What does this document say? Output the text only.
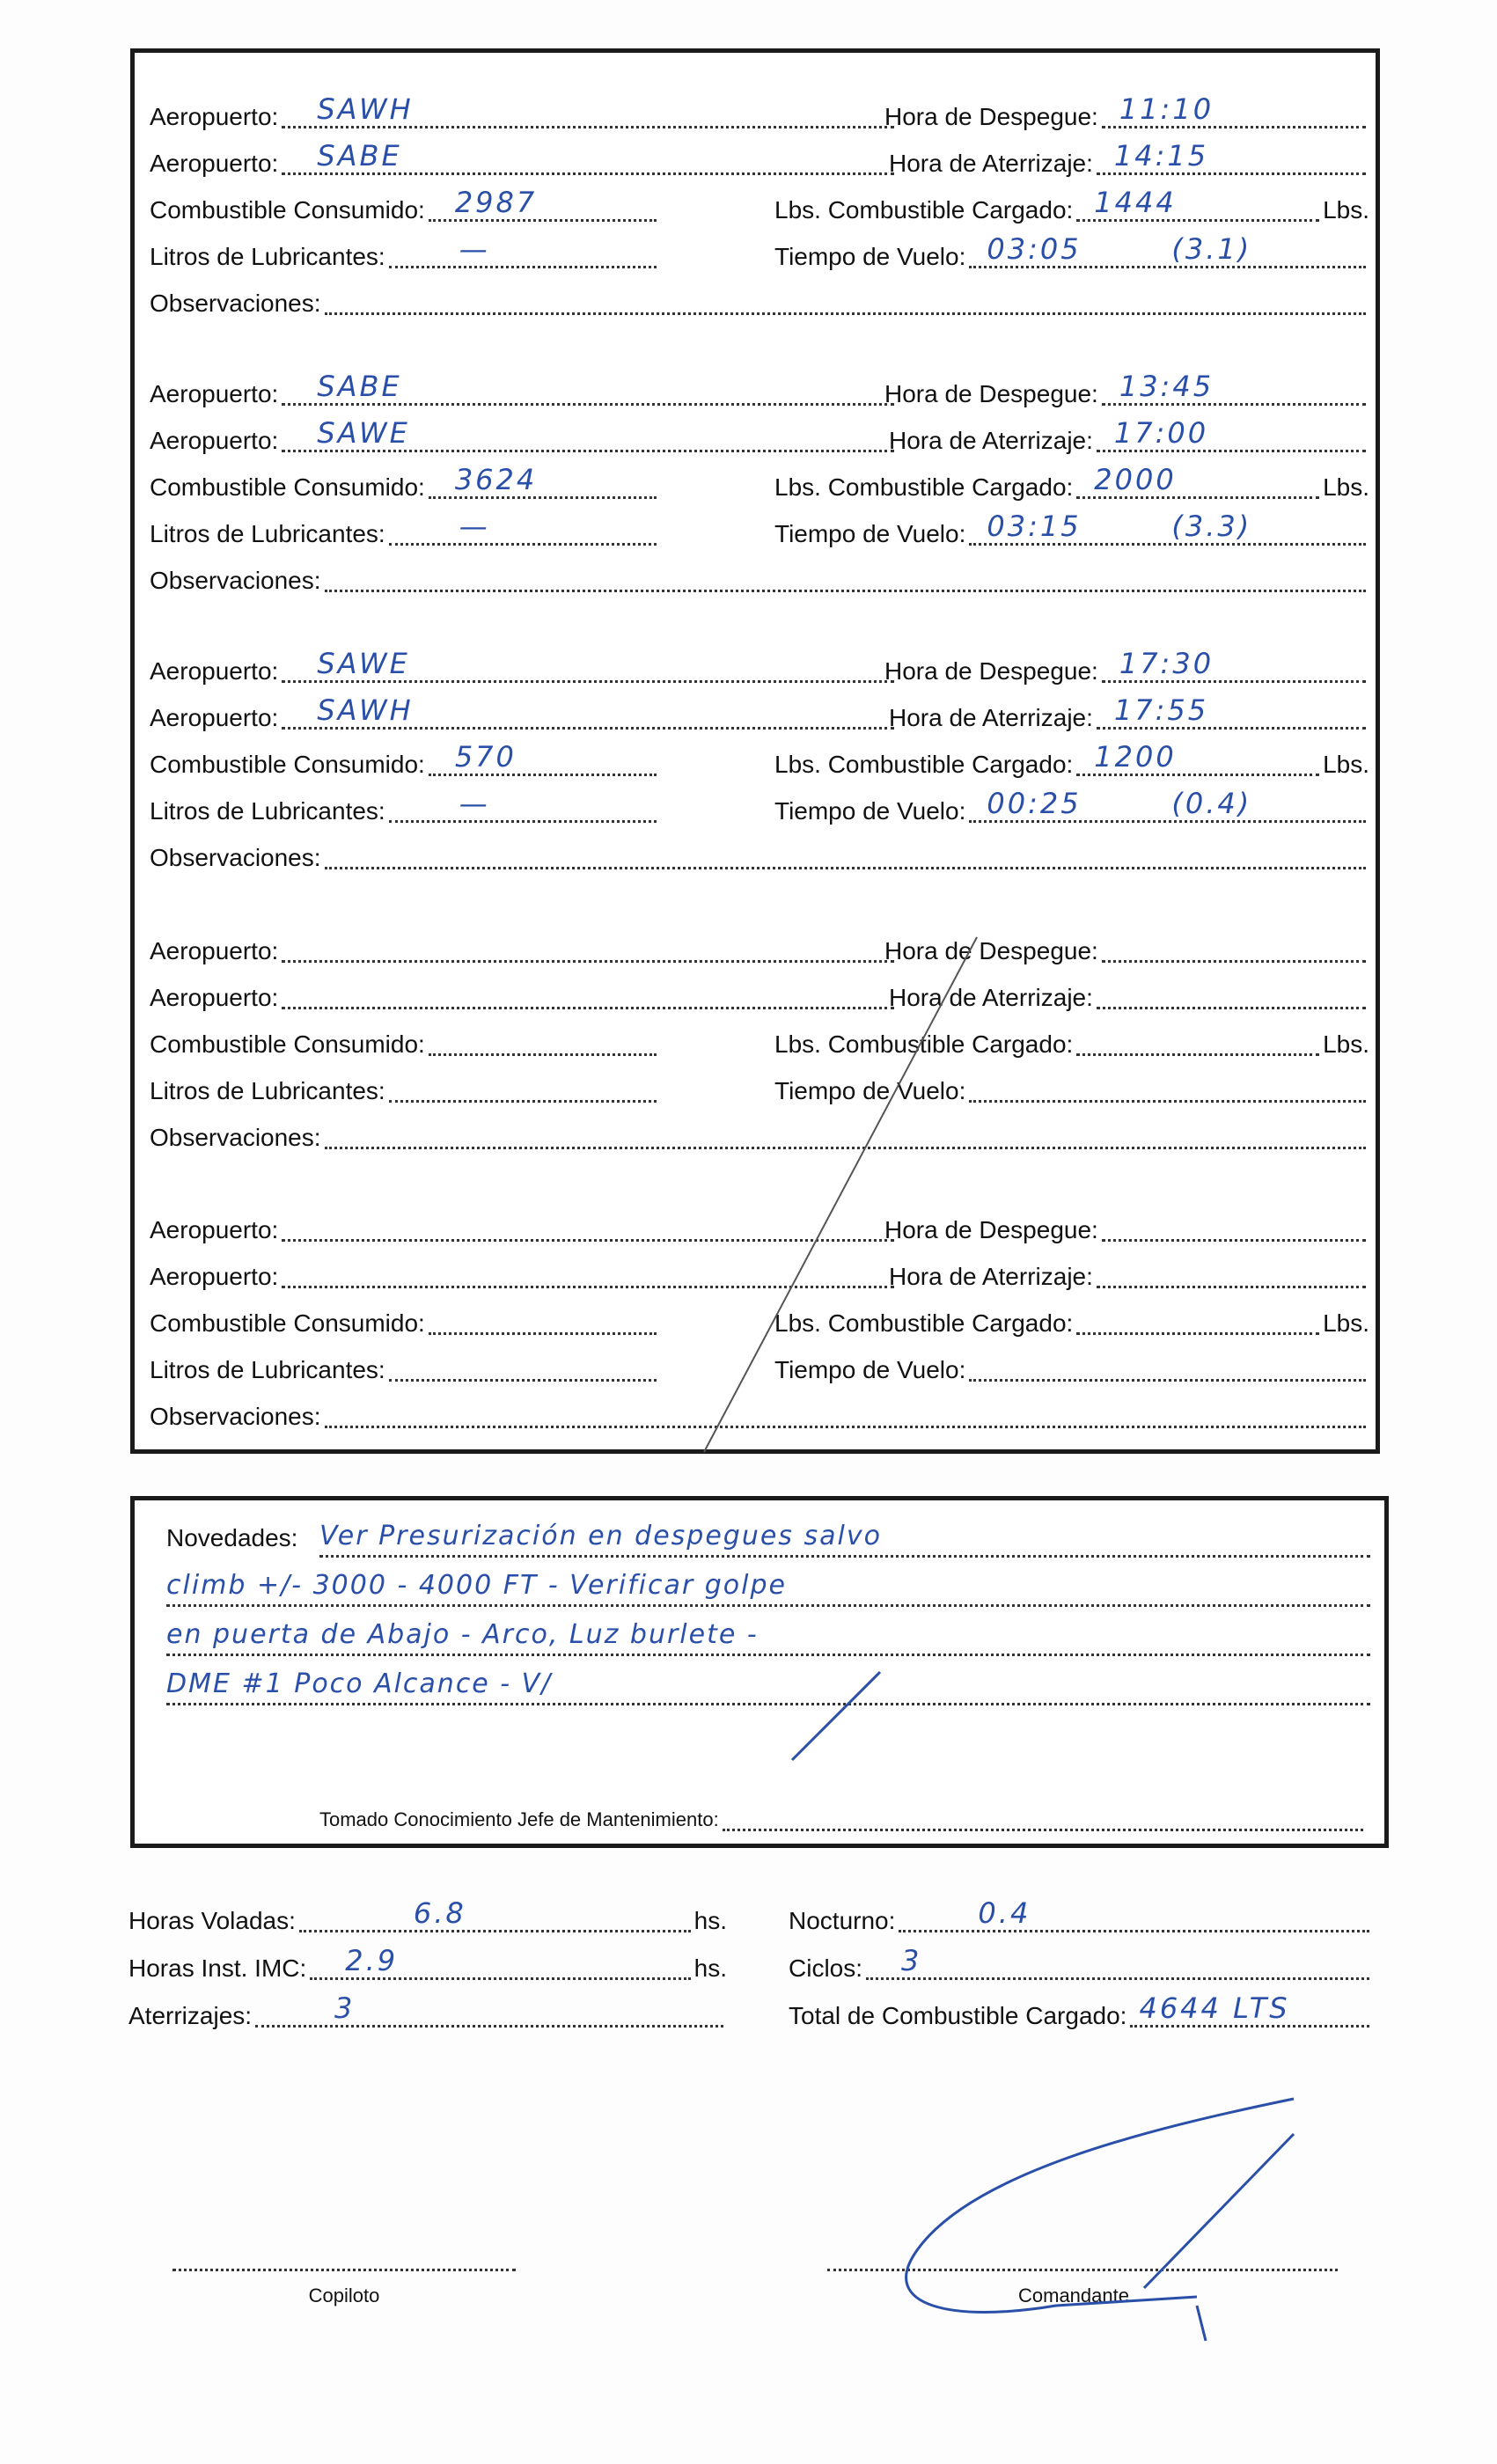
Aeropuerto: SAWH	Hora de Despegue: 11:10
Aeropuerto: SABE	Hora de Aterrizaje: 14:15
Combustible Consumido: 2987	Lbs. Combustible Cargado: 1444	Lbs.
Litros de Lubricantes:	—	Tiempo de Vuelo: 03:05	(3.1)
Observaciones:
Aeropuerto: SABE	Hora de Despegue: 13:45
Aeropuerto: SAWE	Hora de Aterrizaje: 17:00
Combustible Consumido: 3624	Lbs. Combustible Cargado: 2000	Lbs.
Litros de Lubricantes:	—	Tiempo de Vuelo: 03:15	(3.3)
Observaciones:
Aeropuerto: SAWE	Hora de Despegue: 17:30
Aeropuerto: SAWH	Hora de Aterrizaje: 17:55
Combustible Consumido: 570	Lbs. Combustible Cargado: 1200	Lbs.
Litros de Lubricantes:	—	Tiempo de Vuelo: 00:25	(0.4)
Observaciones:
Aeropuerto:	Hora de Despegue:
Aeropuerto:	Hora de Aterrizaje:
Combustible Consumido:	Lbs. Combustible Cargado:	Lbs.
Litros de Lubricantes:	Tiempo de Vuelo:
Observaciones:
Aeropuerto:	Hora de Despegue:
Aeropuerto:	Hora de Aterrizaje:
Combustible Consumido:	Lbs. Combustible Cargado:	Lbs.
Litros de Lubricantes:	Tiempo de Vuelo:
Observaciones:
Novedades: Ver Presurización en despegues salvo
climb +/- 3000 - 4000 FT - Verificar golpe
en puerta de Abajo - Arco, Luz burlete -
DME #1 Poco Alcance - V/
Tomado Conocimiento Jefe de Mantenimiento:
Horas Voladas:	6.8	hs.
Horas Inst. IMC: 2.9	hs.
Aterrizajes:	3
Nocturno:	0.4
Ciclos: 3
Total de Combustible Cargado: 4644 LTS
Copiloto	Comandante
